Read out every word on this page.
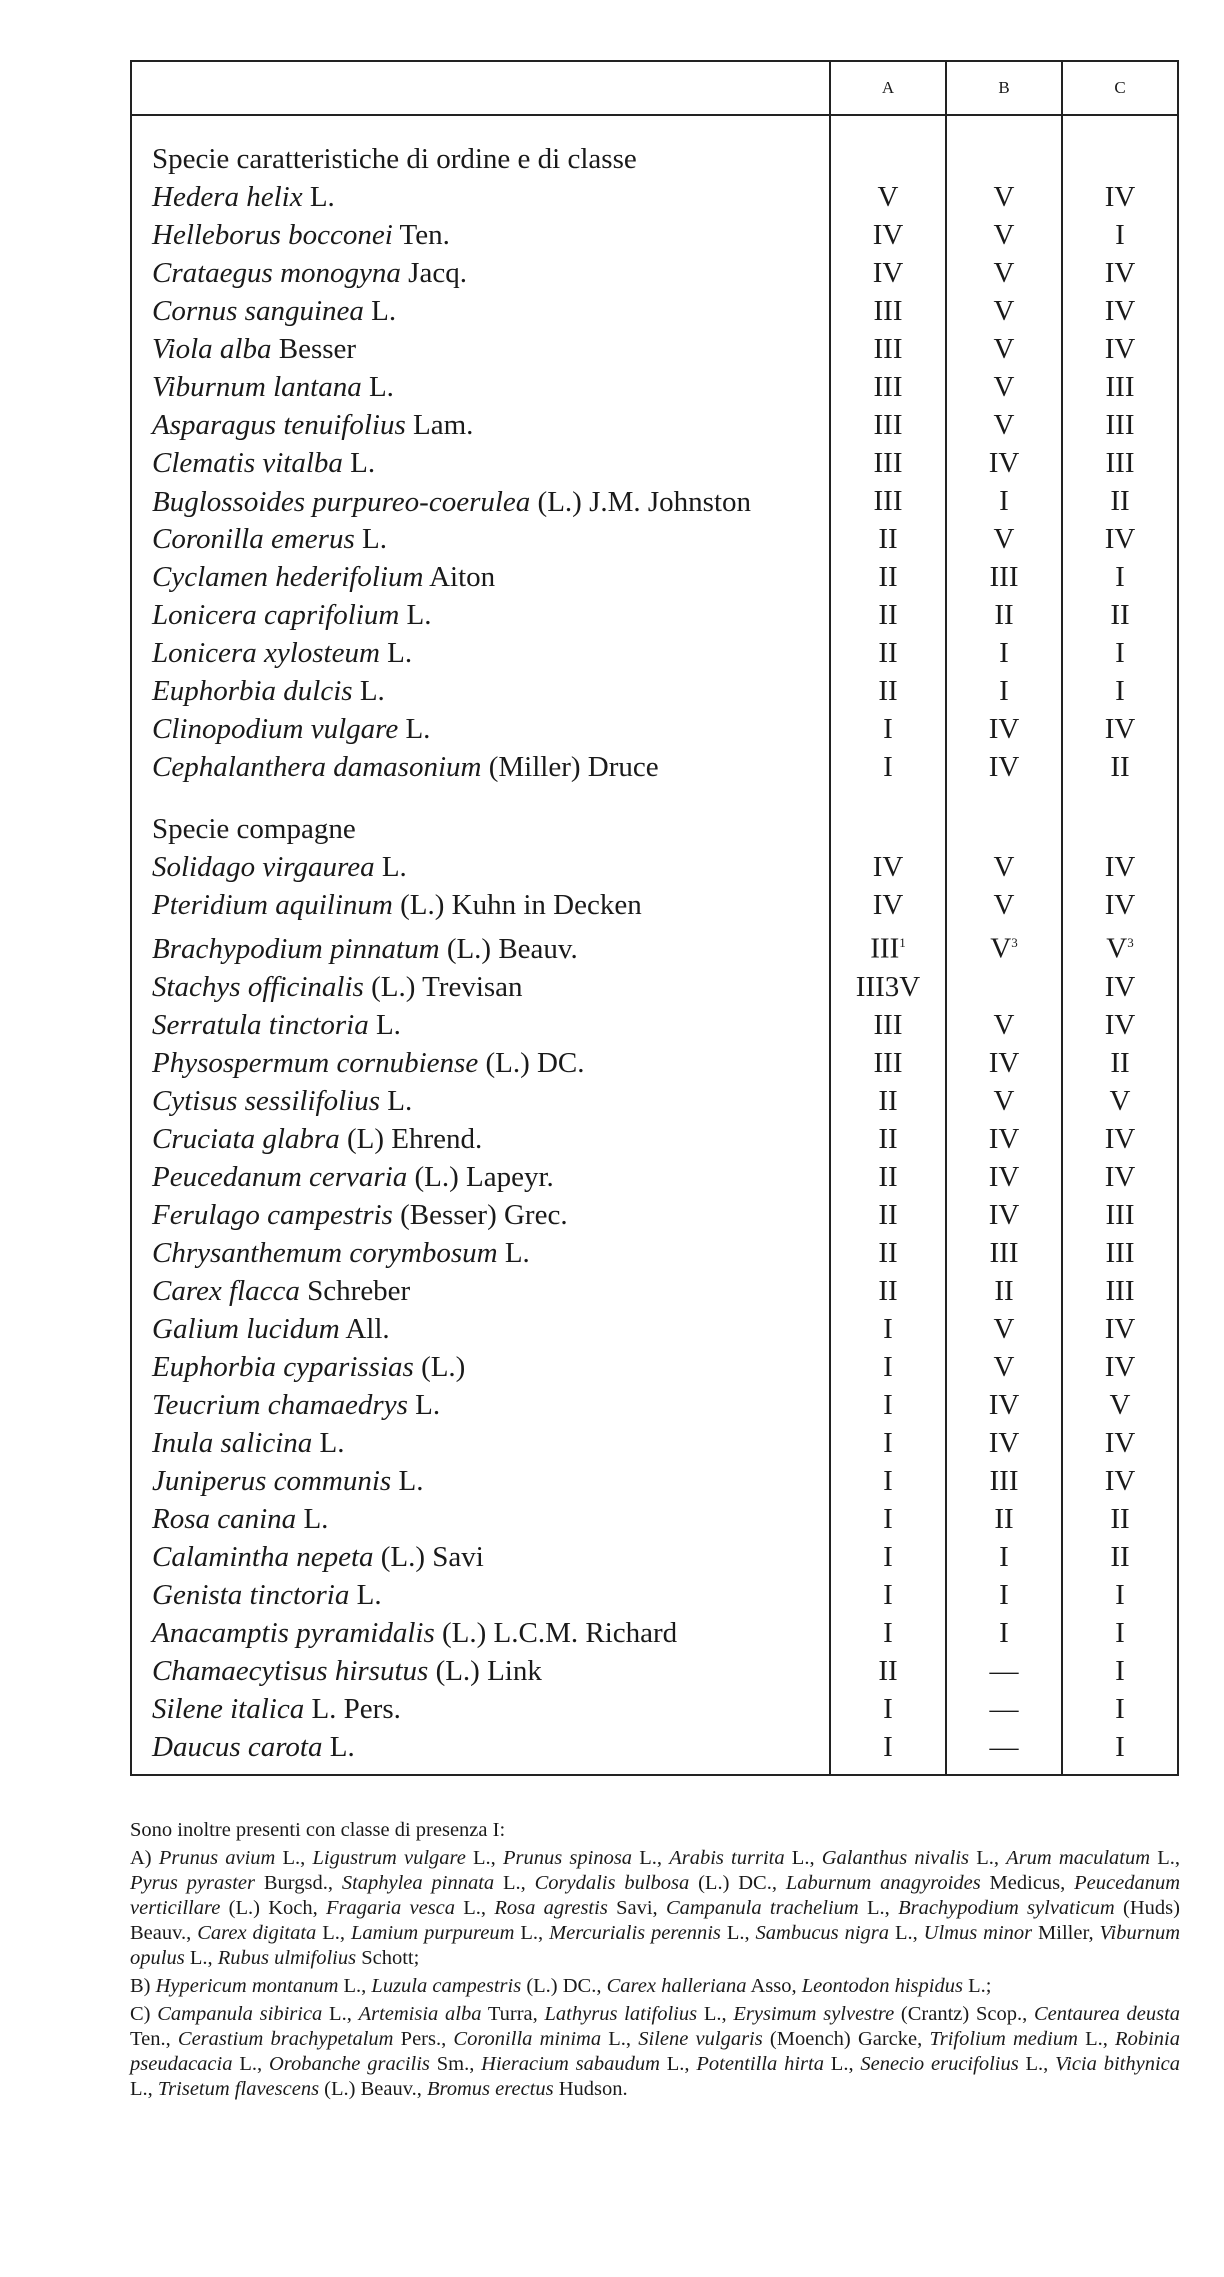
	A	B	C
Specie caratteristiche di ordine e di classe			
Hedera helix L.	V	V	IV
Helleborus bocconei Ten.	IV	V	I
Crataegus monogyna Jacq.	IV	V	IV
Cornus sanguinea L.	III	V	IV
Viola alba Besser	III	V	IV
Viburnum lantana L.	III	V	III
Asparagus tenuifolius Lam.	III	V	III
Clematis vitalba L.	III	IV	III
Buglossoides purpureo-coerulea (L.) J.M. Johnston	III	I	II
Coronilla emerus L.	II	V	IV
Cyclamen hederifolium Aiton	II	III	I
Lonicera caprifolium L.	II	II	II
Lonicera xylosteum L.	II	I	I
Euphorbia dulcis L.	II	I	I
Clinopodium vulgare L.	I	IV	IV
Cephalanthera damasonium (Miller) Druce	I	IV	II
Specie compagne			
Solidago virgaurea L.	IV	V	IV
Pteridium aquilinum (L.) Kuhn in Decken	IV	V	IV
Brachypodium pinnatum (L.) Beauv.	III$^1$	$V^3$	$V^3$
Stachys officinalis (L.) Trevisan	III3V		IV
Serratula tinctoria L.	III	V	IV
Physospermum cornubiense (L.) DC.	III	IV	II
Cytisus sessilifolius L.	II	V	V
Cruciata glabra (L) Ehrend.	II	IV	IV
Peucedanum cervaria (L.) Lapeyr.	II	IV	IV
Ferulago campestris (Besser) Grec.	II	IV	III
Chrysanthemum corymbosum L.	II	III	III
Carex flacca Schreber	II	II	III
Galium lucidum All.	I	V	IV
Euphorbia cyparissias (L.)	I	V	IV
Teucrium chamaedrys L.	I	IV	V
Inula salicina L.	I	IV	IV
Juniperus communis L.	I	III	IV
Rosa canina L.	I	II	II
Calamintha nepeta (L.) Savi	I	I	II
Genista tinctoria L.	I	I	I
Anacamptis pyramidalis (L.) L.C.M. Richard	I	I	I
Chamaecytisus hirsutus (L.) Link	II	—	I
Silene italica L. Pers.	I	—	I
Daucus carota L.	I	—	I

Sono inoltre presenti con classe di presenza I:

A) Prunus avium L., Ligustrum vulgare L., Prunus spinosa L., Arabis turrita L., Galanthus nivalis L., Arum maculatum L., Pyrus pyraster Burgsd., Staphylea pinnata L., Corydalis bulbosa (L.) DC., Laburnum anagyroides Medicus, Peucedanum verticillare (L.) Koch, Fragaria vesca L., Rosa agrestis Savi, Campanula trachelium L., Brachypodium sylvaticum (Huds) Beauv., Carex digitata L., Lamium purpureum L., Mercurialis perennis L., Sambucus nigra L., Ulmus minor Miller, Viburnum opulus L., Rubus ulmifolius Schott;

B) Hypericum montanum L., Luzula campestris (L.) DC., Carex halleriana Asso, Leontodon hispidus L.;

C) Campanula sibirica L., Artemisia alba Turra, Lathyrus latifolius L., Erysimum sylvestre (Crantz) Scop., Centaurea deusta Ten., Cerastium brachypetalum Pers., Coronilla minima L., Silene vulgaris (Moench) Garcke, Trifolium medium L., Robinia pseudacacia L., Orobanche gracilis Sm., Hieracium sabaudum L., Potentilla hirta L., Senecio erucifolius L., Vicia bithynica L., Trisetum flavescens (L.) Beauv., Bromus erectus Hudson.
